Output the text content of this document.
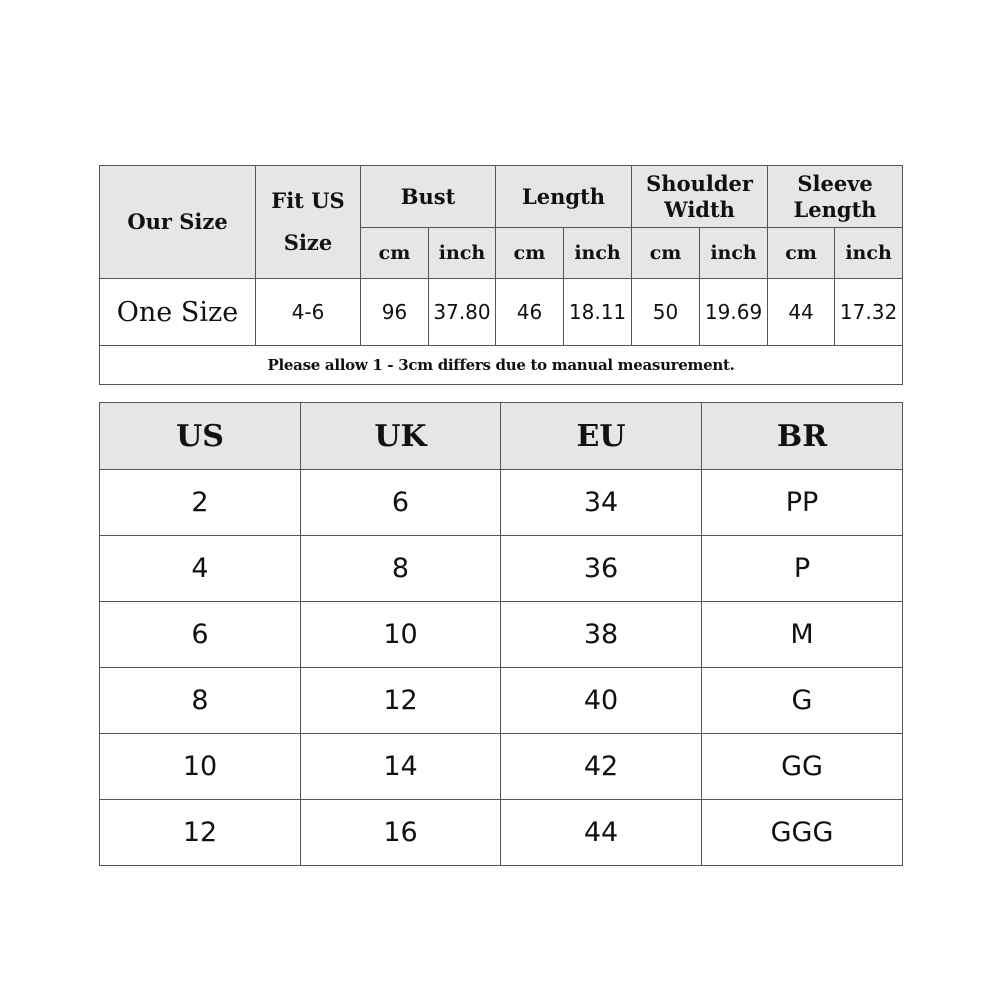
Our Size	Fit US Size	Bust		Length		Shoulder Width		Sleeve Length	
		cm	inch	cm	inch	cm	inch	cm	inch
One Size	4-6	96	37.80	46	18.11	50	19.69	44	17.32
Please allow 1 - 3cm differs due to manual measurement.									
US	UK	EU	BR
2	6	34	PP
4	8	36	P
6	10	38	M
8	12	40	G
10	14	42	GG
12	16	44	GGG
